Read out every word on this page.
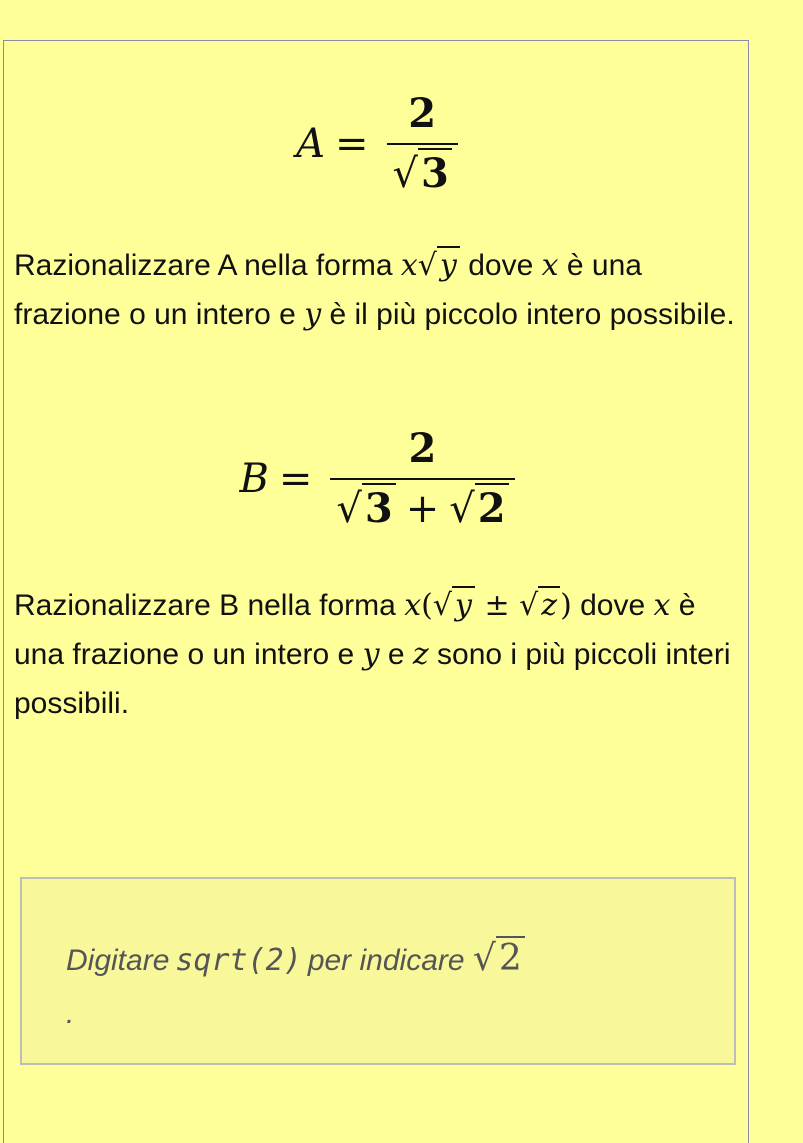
$A = \frac{2}{√3}$
Razionalizzare A nella forma x√ y dove x è una frazione o un intero e y è il più piccolo intero possibile.
$B = \frac{2}{√3 + √2}$
Razionalizzare B nella forma x(√ y ± √ z ) dove x è una frazione o un intero e y e z sono i più piccoli interi possibili.
Digitare sqrt(2) per indicare √2
.
